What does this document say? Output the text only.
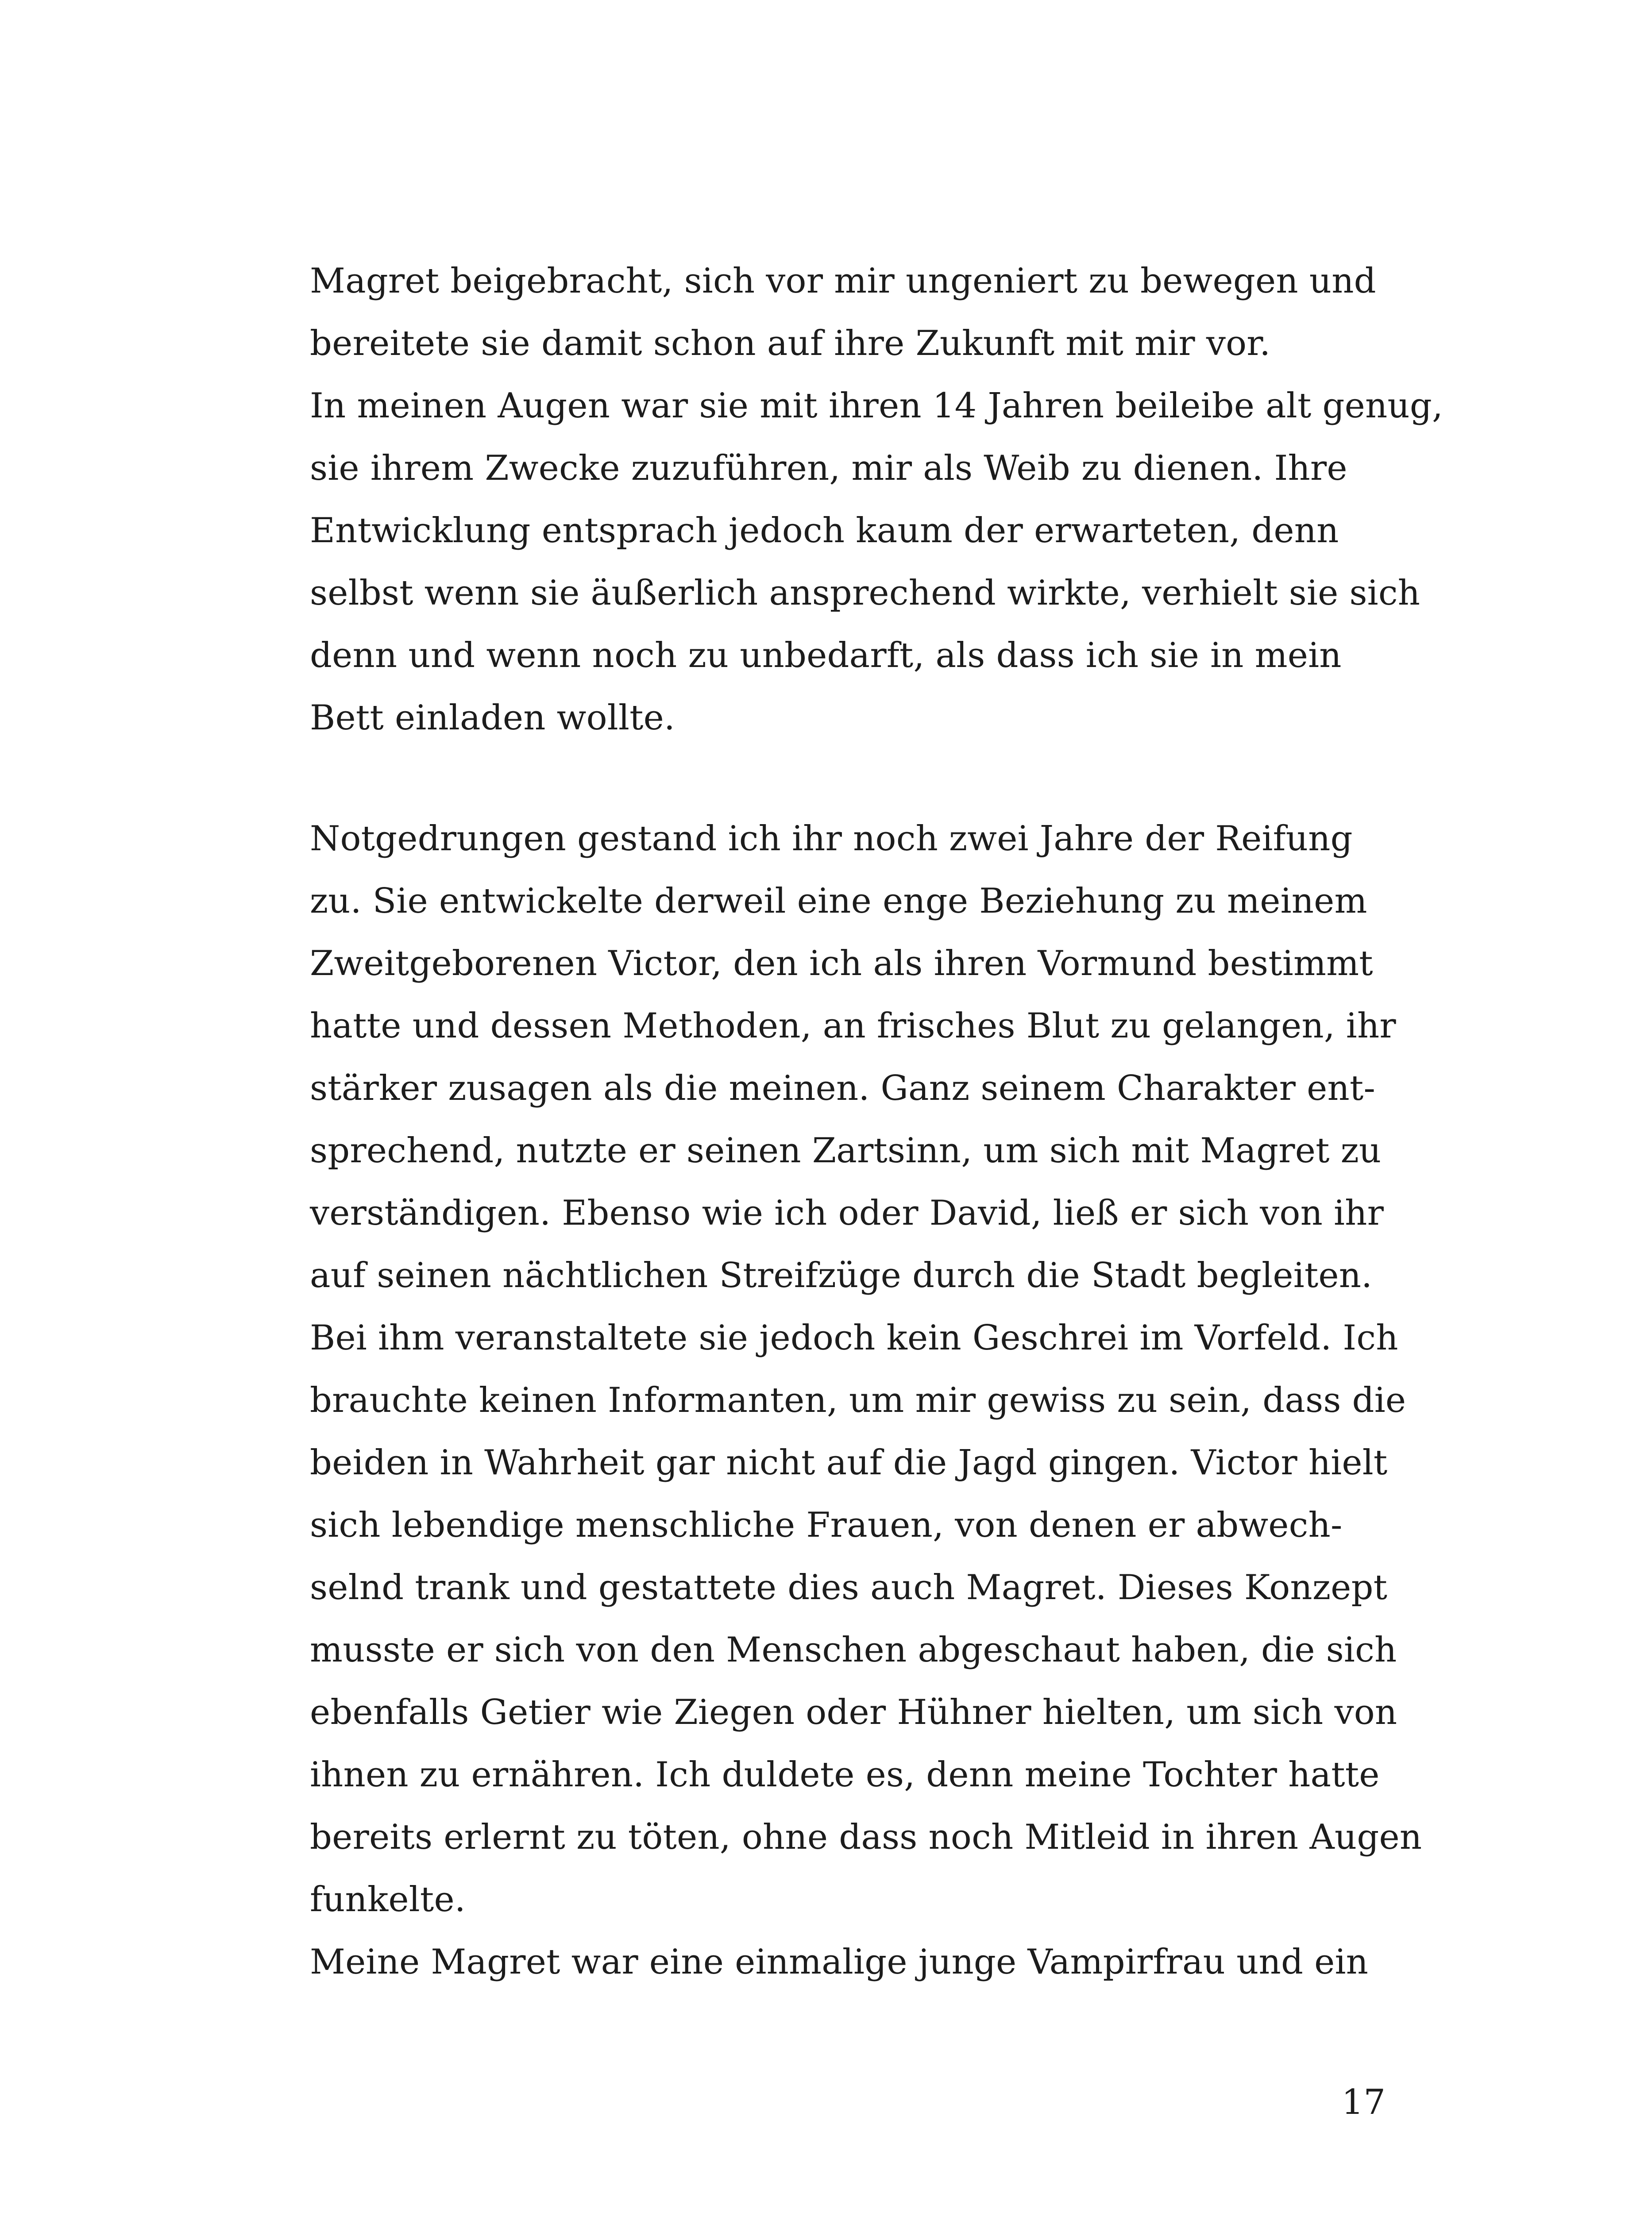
Magret beigebracht, sich vor mir ungeniert zu bewegen und
bereitete sie damit schon auf ihre Zukunft mit mir vor.
In meinen Augen war sie mit ihren 14 Jahren beileibe alt genug,
sie ihrem Zwecke zuzuführen, mir als Weib zu dienen. Ihre
Entwicklung entsprach jedoch kaum der erwarteten, denn
selbst wenn sie äußerlich ansprechend wirkte, verhielt sie sich
denn und wenn noch zu unbedarft, als dass ich sie in mein
Bett einladen wollte.
Notgedrungen gestand ich ihr noch zwei Jahre der Reifung
zu. Sie entwickelte derweil eine enge Beziehung zu meinem
Zweitgeborenen Victor, den ich als ihren Vormund bestimmt
hatte und dessen Methoden, an frisches Blut zu gelangen, ihr
stärker zusagen als die meinen. Ganz seinem Charakter ent-
sprechend, nutzte er seinen Zartsinn, um sich mit Magret zu
verständigen. Ebenso wie ich oder David, ließ er sich von ihr
auf seinen nächtlichen Streifzüge durch die Stadt begleiten.
Bei ihm veranstaltete sie jedoch kein Geschrei im Vorfeld. Ich
brauchte keinen Informanten, um mir gewiss zu sein, dass die
beiden in Wahrheit gar nicht auf die Jagd gingen. Victor hielt
sich lebendige menschliche Frauen, von denen er abwech-
selnd trank und gestattete dies auch Magret. Dieses Konzept
musste er sich von den Menschen abgeschaut haben, die sich
ebenfalls Getier wie Ziegen oder Hühner hielten, um sich von
ihnen zu ernähren. Ich duldete es, denn meine Tochter hatte
bereits erlernt zu töten, ohne dass noch Mitleid in ihren Augen
funkelte.
Meine Magret war eine einmalige junge Vampirfrau und ein
17
